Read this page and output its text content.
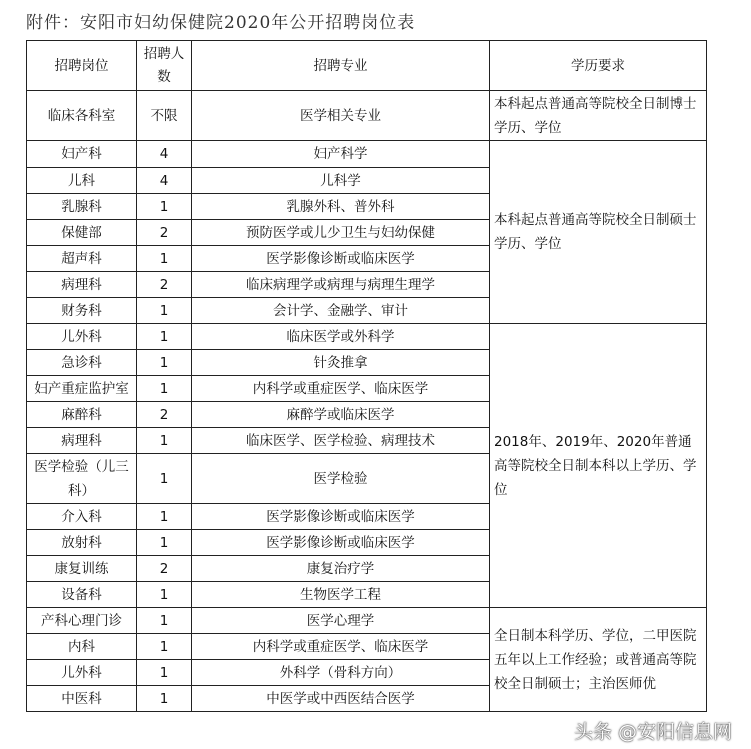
附件：安阳市妇幼保健院2020年公开招聘岗位表
招聘岗位	招聘人数	招聘专业	学历要求
临床各科室	不限	医学相关专业	本科起点普通高等院校全日制博士学历、学位
妇产科	4	妇产科学	本科起点普通高等院校全日制硕士学历、学位
儿科	4	儿科学	
乳腺科	1	乳腺外科、普外科	
保健部	2	预防医学或儿少卫生与妇幼保健	
超声科	1	医学影像诊断或临床医学	
病理科	2	临床病理学或病理与病理生理学	
财务科	1	会计学、金融学、审计	
儿外科	1	临床医学或外科学	2018年、2019年、2020年普通高等院校全日制本科以上学历、学位
急诊科	1	针灸推拿	
妇产重症监护室	1	内科学或重症医学、临床医学	
麻醉科	2	麻醉学或临床医学	
病理科	1	临床医学、医学检验、病理技术	
医学检验（儿三科）	1	医学检验	
介入科	1	医学影像诊断或临床医学	
放射科	1	医学影像诊断或临床医学	
康复训练	2	康复治疗学	
设备科	1	生物医学工程	
产科心理门诊	1	医学心理学	全日制本科学历、学位，二甲医院五年以上工作经验；或普通高等院校全日制硕士；主治医师优
内科	1	内科学或重症医学、临床医学	
儿外科	1	外科学（骨科方向）	
中医科	1	中医学或中西医结合医学	
头条 @安阳信息网
